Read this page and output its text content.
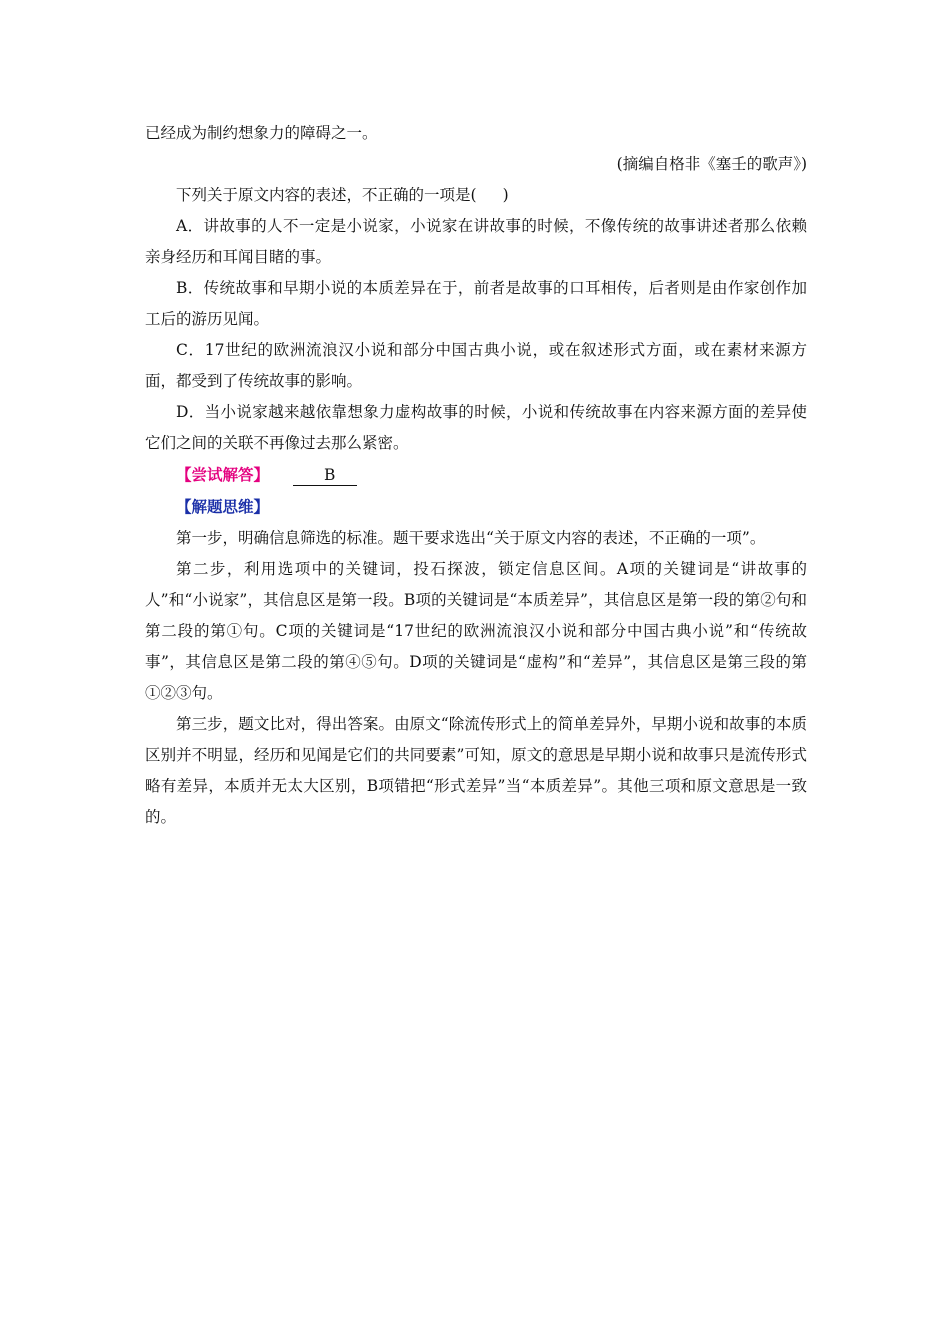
已经成为制约想象力的障碍之一。

(摘编自格非《塞壬的歌声》)

下列关于原文内容的表述，不正确的一项是( )

A．讲故事的人不一定是小说家，小说家在讲故事的时候，不像传统的故事讲述者那么依赖亲身经历和耳闻目睹的事。

B．传统故事和早期小说的本质差异在于，前者是故事的口耳相传，后者则是由作家创作加工后的游历见闻。

C．17世纪的欧洲流浪汉小说和部分中国古典小说，或在叙述形式方面，或在素材来源方面，都受到了传统故事的影响。

D．当小说家越来越依靠想象力虚构故事的时候，小说和传统故事在内容来源方面的差异使它们之间的关联不再像过去那么紧密。

【尝试解答】	B

【解题思维】

第一步，明确信息筛选的标准。题干要求选出“关于原文内容的表述，不正确的一项”。

第二步，利用选项中的关键词，投石探波，锁定信息区间。A项的关键词是“讲故事的人”和“小说家”，其信息区是第一段。B项的关键词是“本质差异”，其信息区是第一段的第②句和第二段的第①句。C项的关键词是“17世纪的欧洲流浪汉小说和部分中国古典小说”和“传统故事”，其信息区是第二段的第④⑤句。D项的关键词是“虚构”和“差异”，其信息区是第三段的第①②③句。

第三步，题文比对，得出答案。由原文“除流传形式上的简单差异外，早期小说和故事的本质区别并不明显，经历和见闻是它们的共同要素”可知，原文的意思是早期小说和故事只是流传形式略有差异，本质并无太大区别，B项错把“形式差异”当“本质差异”。其他三项和原文意思是一致的。
